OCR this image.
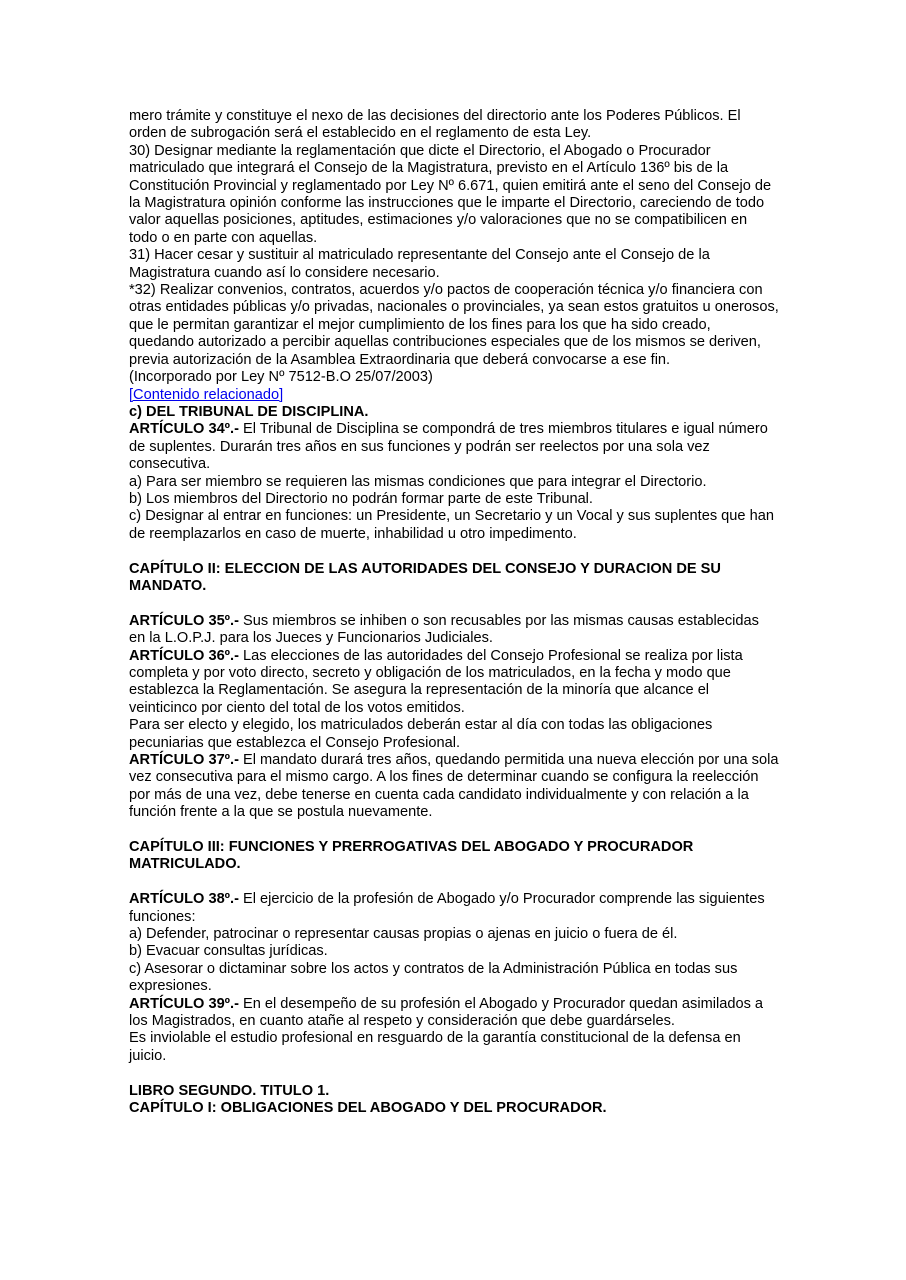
mero trámite y constituye el nexo de las decisiones del directorio ante los Poderes Públicos. El orden de subrogación será el establecido en el reglamento de esta Ley.

30) Designar mediante la reglamentación que dicte el Directorio, el Abogado o Procurador matriculado que integrará el Consejo de la Magistratura, previsto en el Artículo 136º bis de la Constitución Provincial y reglamentado por Ley Nº 6.671, quien emitirá ante el seno del Consejo de la Magistratura opinión conforme las instrucciones que le imparte el Directorio, careciendo de todo valor aquellas posiciones, aptitudes, estimaciones y/o valoraciones que no se compatibilicen en todo o en parte con aquellas.

31) Hacer cesar y sustituir al matriculado representante del Consejo ante el Consejo de la Magistratura cuando así lo considere necesario.

*32) Realizar convenios, contratos, acuerdos y/o pactos de cooperación técnica y/o financiera con otras entidades públicas y/o privadas, nacionales o provinciales, ya sean estos gratuitos u onerosos, que le permitan garantizar el mejor cumplimiento de los fines para los que ha sido creado, quedando autorizado a percibir aquellas contribuciones especiales que de los mismos se deriven, previa autorización de la Asamblea Extraordinaria que deberá convocarse a ese fin.

(Incorporado por Ley Nº 7512-B.O 25/07/2003)

[Contenido relacionado]

c) DEL TRIBUNAL DE DISCIPLINA.

ARTÍCULO 34º.- El Tribunal de Disciplina se compondrá de tres miembros titulares e igual número de suplentes. Durarán tres años en sus funciones y podrán ser reelectos por una sola vez consecutiva.

a) Para ser miembro se requieren las mismas condiciones que para integrar el Directorio.

b) Los miembros del Directorio no podrán formar parte de este Tribunal.

c) Designar al entrar en funciones: un Presidente, un Secretario y un Vocal y sus suplentes que han de reemplazarlos en caso de muerte, inhabilidad u otro impedimento.

CAPÍTULO II: ELECCION DE LAS AUTORIDADES DEL CONSEJO Y DURACION DE SU MANDATO.

ARTÍCULO 35º.- Sus miembros se inhiben o son recusables por las mismas causas establecidas en la L.O.P.J. para los Jueces y Funcionarios Judiciales.

ARTÍCULO 36º.- Las elecciones de las autoridades del Consejo Profesional se realiza por lista completa y por voto directo, secreto y obligación de los matriculados, en la fecha y modo que establezca la Reglamentación. Se asegura la representación de la minoría que alcance el veinticinco por ciento del total de los votos emitidos.

Para ser electo y elegido, los matriculados deberán estar al día con todas las obligaciones pecuniarias que establezca el Consejo Profesional.

ARTÍCULO 37º.- El mandato durará tres años, quedando permitida una nueva elección por una sola vez consecutiva para el mismo cargo. A los fines de determinar cuando se configura la reelección por más de una vez, debe tenerse en cuenta cada candidato individualmente y con relación a la función frente a la que se postula nuevamente.

CAPÍTULO III: FUNCIONES Y PRERROGATIVAS DEL ABOGADO Y PROCURADOR MATRICULADO.

ARTÍCULO 38º.- El ejercicio de la profesión de Abogado y/o Procurador comprende las siguientes funciones:

a) Defender, patrocinar o representar causas propias o ajenas en juicio o fuera de él.

b) Evacuar consultas jurídicas.

c) Asesorar o dictaminar sobre los actos y contratos de la Administración Pública en todas sus expresiones.

ARTÍCULO 39º.- En el desempeño de su profesión el Abogado y Procurador quedan asimilados a los Magistrados, en cuanto atañe al respeto y consideración que debe guardárseles.

Es inviolable el estudio profesional en resguardo de la garantía constitucional de la defensa en juicio.

LIBRO SEGUNDO. TITULO 1.

CAPÍTULO I: OBLIGACIONES DEL ABOGADO Y DEL PROCURADOR.
